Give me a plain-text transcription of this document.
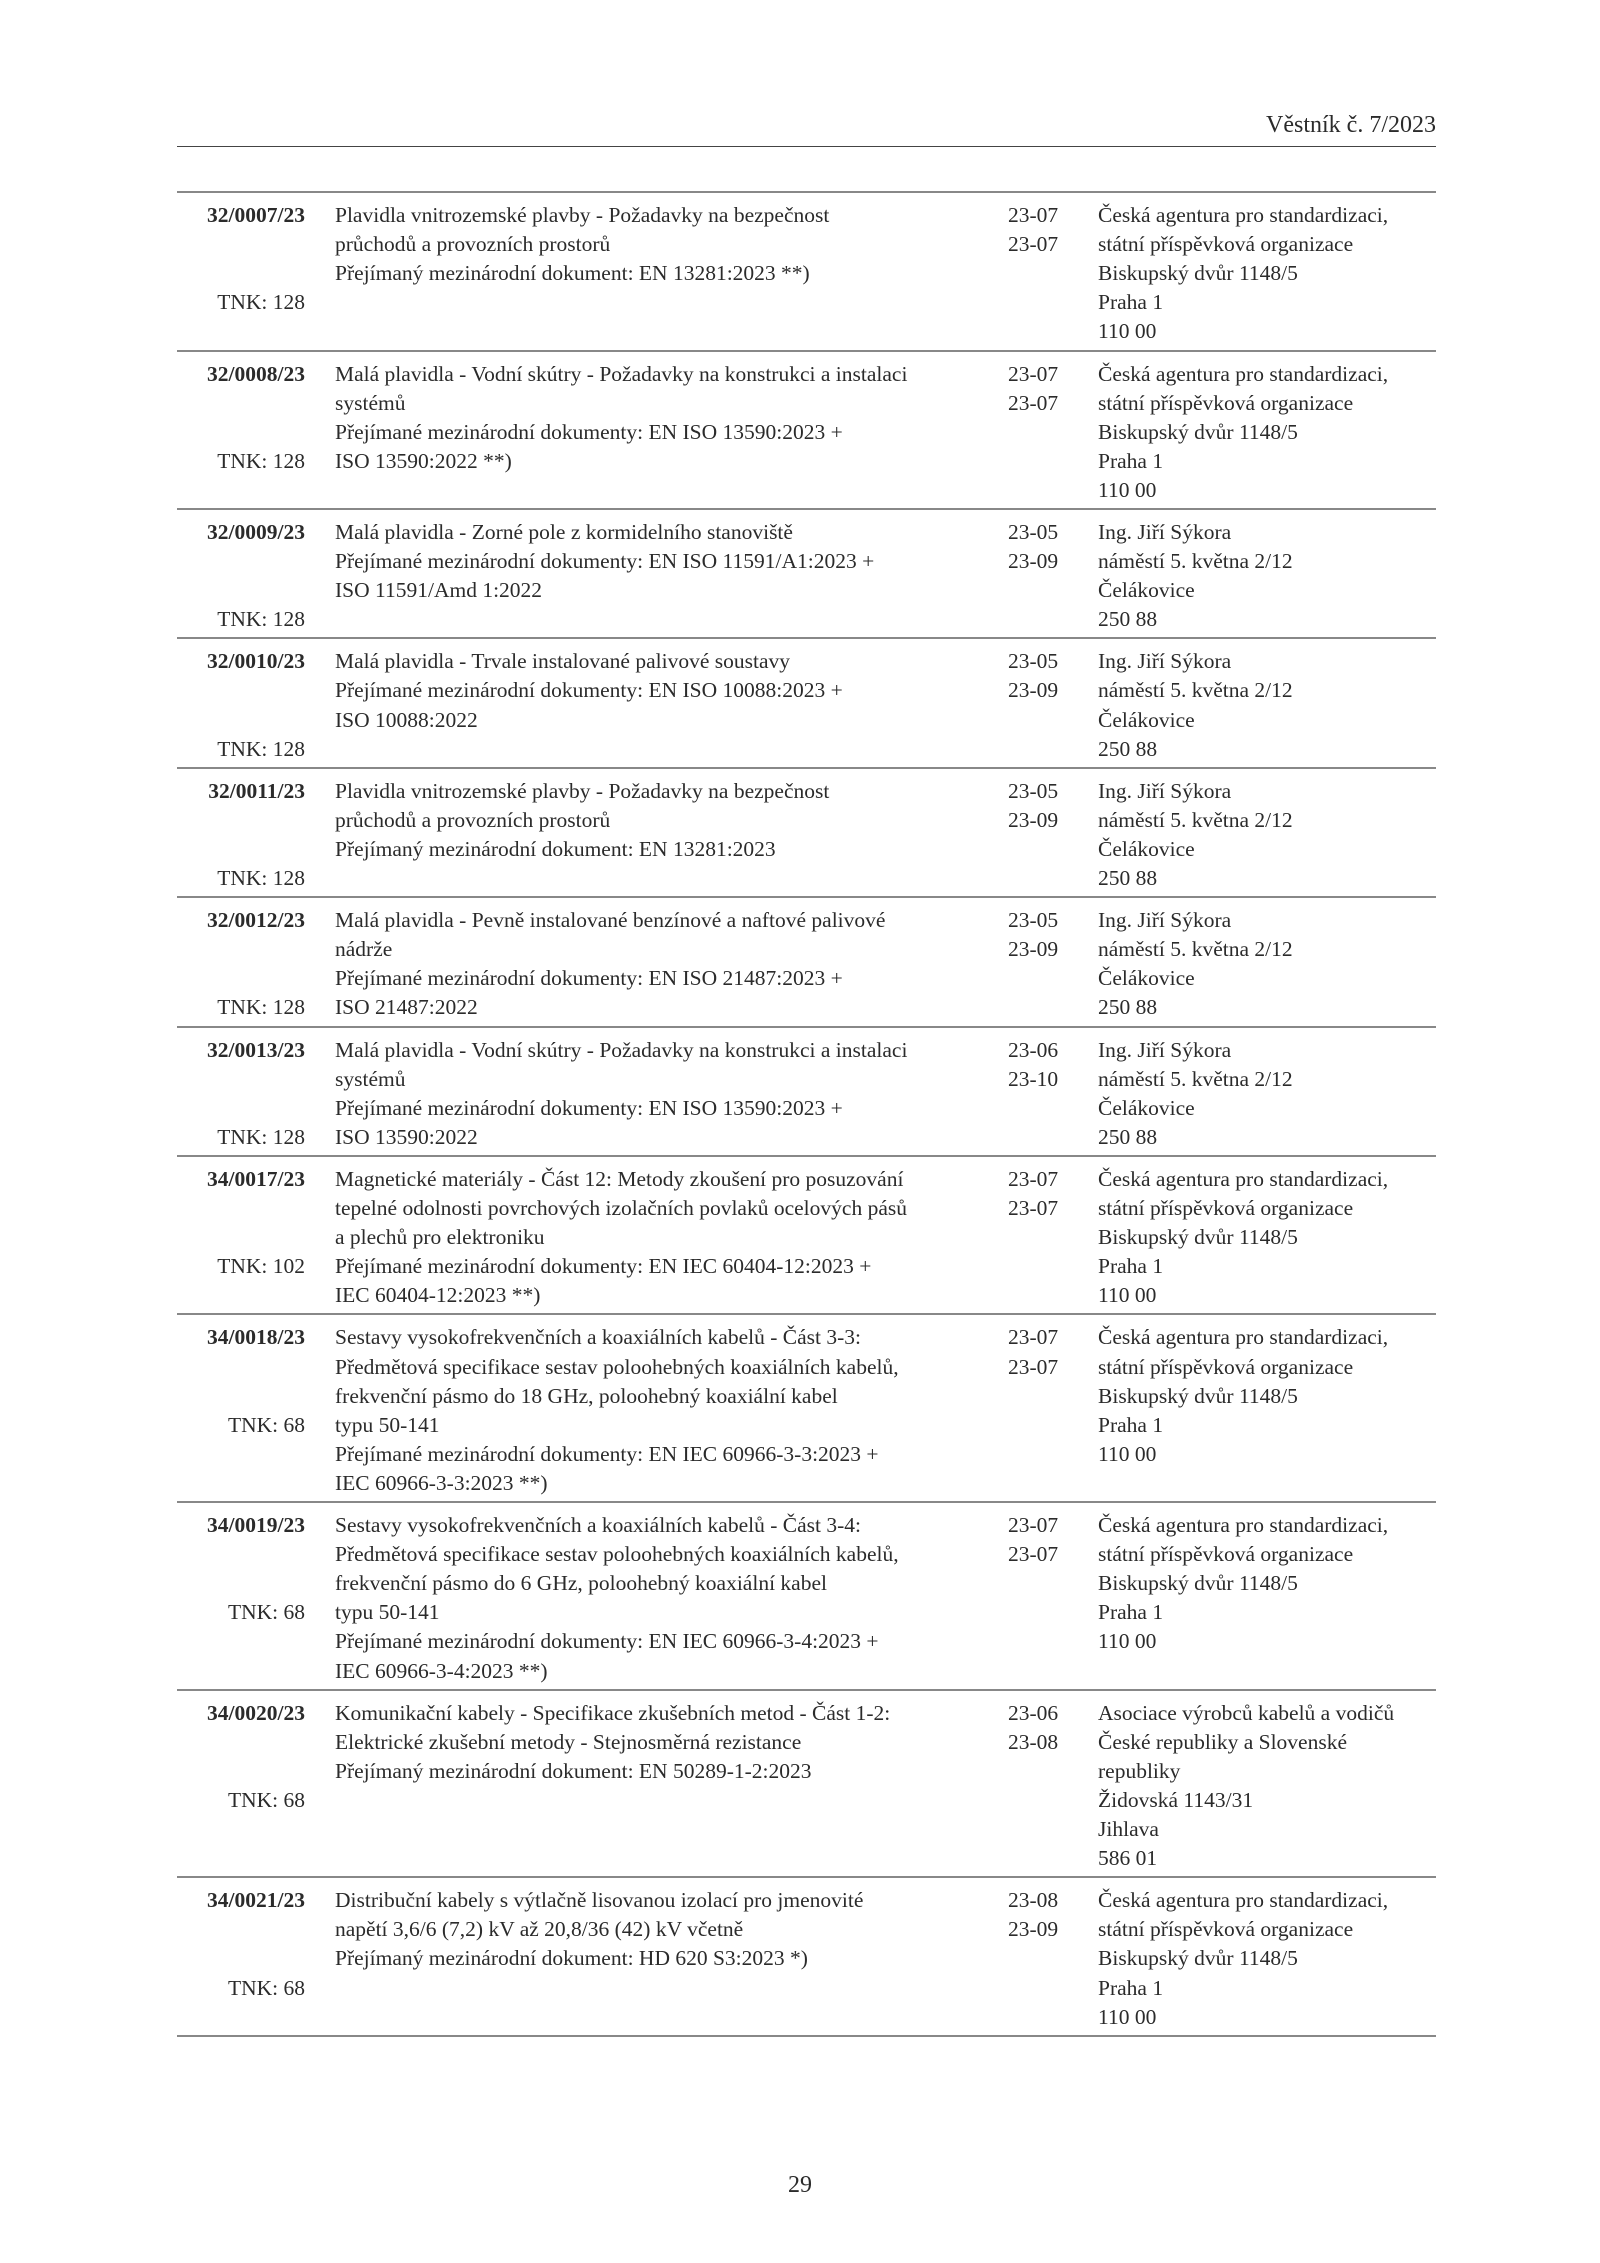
Věstník č. 7/2023
32/0007/23
TNK: 128
Plavidla vnitrozemské plavby - Požadavky na bezpečnost
průchodů a provozních prostorů
Přejímaný mezinárodní dokument: EN 13281:2023 **)
23-07
23-07
Česká agentura pro standardizaci,
státní příspěvková organizace
Biskupský dvůr 1148/5
Praha 1
110 00
32/0008/23
TNK: 128
Malá plavidla - Vodní skútry - Požadavky na konstrukci a instalaci
systémů
Přejímané mezinárodní dokumenty: EN ISO 13590:2023 +
ISO 13590:2022 **)
23-07
23-07
Česká agentura pro standardizaci,
státní příspěvková organizace
Biskupský dvůr 1148/5
Praha 1
110 00
32/0009/23
TNK: 128
Malá plavidla - Zorné pole z kormidelního stanoviště
Přejímané mezinárodní dokumenty: EN ISO 11591/A1:2023 +
ISO 11591/Amd 1:2022
23-05
23-09
Ing. Jiří Sýkora
náměstí 5. května 2/12
Čelákovice
250 88
32/0010/23
TNK: 128
Malá plavidla - Trvale instalované palivové soustavy
Přejímané mezinárodní dokumenty: EN ISO 10088:2023 +
ISO 10088:2022
23-05
23-09
Ing. Jiří Sýkora
náměstí 5. května 2/12
Čelákovice
250 88
32/0011/23
TNK: 128
Plavidla vnitrozemské plavby - Požadavky na bezpečnost
průchodů a provozních prostorů
Přejímaný mezinárodní dokument: EN 13281:2023
23-05
23-09
Ing. Jiří Sýkora
náměstí 5. května 2/12
Čelákovice
250 88
32/0012/23
TNK: 128
Malá plavidla - Pevně instalované benzínové a naftové palivové
nádrže
Přejímané mezinárodní dokumenty: EN ISO 21487:2023 +
ISO 21487:2022
23-05
23-09
Ing. Jiří Sýkora
náměstí 5. května 2/12
Čelákovice
250 88
32/0013/23
TNK: 128
Malá plavidla - Vodní skútry - Požadavky na konstrukci a instalaci
systémů
Přejímané mezinárodní dokumenty: EN ISO 13590:2023 +
ISO 13590:2022
23-06
23-10
Ing. Jiří Sýkora
náměstí 5. května 2/12
Čelákovice
250 88
34/0017/23
TNK: 102
Magnetické materiály - Část 12: Metody zkoušení pro posuzování
tepelné odolnosti povrchových izolačních povlaků ocelových pásů
a plechů pro elektroniku
Přejímané mezinárodní dokumenty: EN IEC 60404-12:2023 +
IEC 60404-12:2023 **)
23-07
23-07
Česká agentura pro standardizaci,
státní příspěvková organizace
Biskupský dvůr 1148/5
Praha 1
110 00
34/0018/23
TNK: 68
Sestavy vysokofrekvenčních a koaxiálních kabelů - Část 3-3:
Předmětová specifikace sestav poloohebných koaxiálních kabelů,
frekvenční pásmo do 18 GHz, poloohebný koaxiální kabel
typu 50-141
Přejímané mezinárodní dokumenty: EN IEC 60966-3-3:2023 +
IEC 60966-3-3:2023 **)
23-07
23-07
Česká agentura pro standardizaci,
státní příspěvková organizace
Biskupský dvůr 1148/5
Praha 1
110 00
34/0019/23
TNK: 68
Sestavy vysokofrekvenčních a koaxiálních kabelů - Část 3-4:
Předmětová specifikace sestav poloohebných koaxiálních kabelů,
frekvenční pásmo do 6 GHz, poloohebný koaxiální kabel
typu 50-141
Přejímané mezinárodní dokumenty: EN IEC 60966-3-4:2023 +
IEC 60966-3-4:2023 **)
23-07
23-07
Česká agentura pro standardizaci,
státní příspěvková organizace
Biskupský dvůr 1148/5
Praha 1
110 00
34/0020/23
TNK: 68
Komunikační kabely - Specifikace zkušebních metod - Část 1-2:
Elektrické zkušební metody - Stejnosměrná rezistance
Přejímaný mezinárodní dokument: EN 50289-1-2:2023
23-06
23-08
Asociace výrobců kabelů a vodičů
České republiky a Slovenské
republiky
Židovská 1143/31
Jihlava
586 01
34/0021/23
TNK: 68
Distribuční kabely s výtlačně lisovanou izolací pro jmenovité
napětí 3,6/6 (7,2) kV až 20,8/36 (42) kV včetně
Přejímaný mezinárodní dokument: HD 620 S3:2023 *)
23-08
23-09
Česká agentura pro standardizaci,
státní příspěvková organizace
Biskupský dvůr 1148/5
Praha 1
110 00
29
